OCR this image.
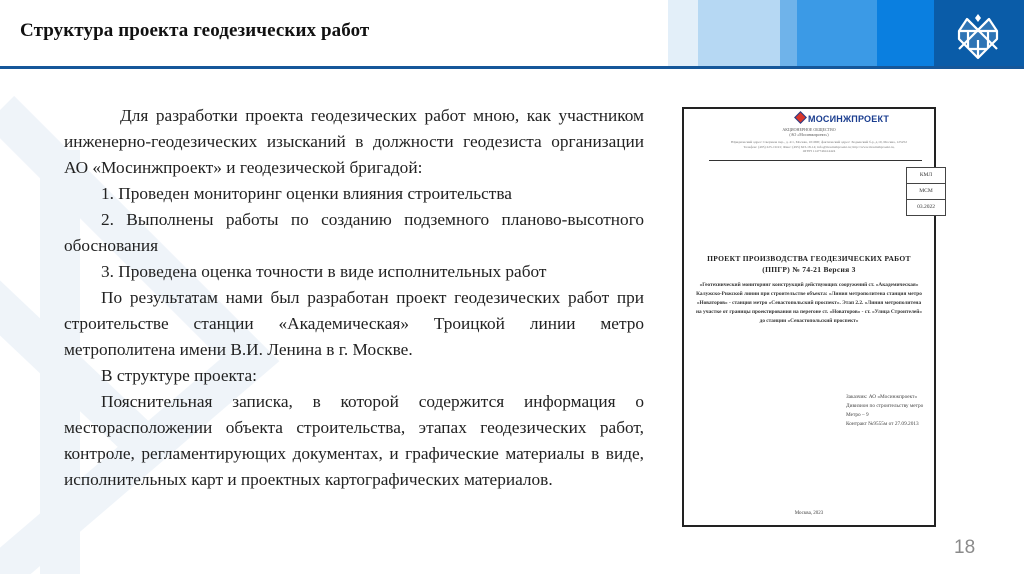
Структура проекта геодезических работ

Для разработки проекта геодезических работ мною, как участником инженерно-геодезических изысканий в должности геодезиста организации АО «Мосинжпроект» и геодезической бригадой:

1. Проведен мониторинг оценки влияния строительства

2. Выполнены работы по созданию подземного планово-высотного обоснования

3. Проведена оценка точности в виде исполнительных работ

По результатам нами был разработан проект геодезических работ при строительстве станции «Академическая» Троицкой линии метро метрополитена имени В.И. Ленина в г. Москве.

В структуре проекта:

Пояснительная записка, в которой содержится информация о месторасположении объекта строительства, этапах геодезических работ, контроле, регламентирующих документах, и графические материалы в виде, исполнительных карт и проектных картографических материалов.

МОСИНЖПРОЕКТ
АКЦИОНЕРНОЕ ОБЩЕСТВО
(АО «Мосинжпроект»)
Юридический адрес: Сверчков пер., д. 4/1, Москва, 101000; фактический адрес: Ходынский б-р, д.10, Москва, 125252
Телефон: (495) 225-19-91; Факс: (495) 623-18-14; info@mosinzhproekt.ru; http://www.mosinzhproekt.ru,
ОГРН 1147746414424
КМЛ
МСМ
03.2022
ПРОЕКТ ПРОИЗВОДСТВА ГЕОДЕЗИЧЕСКИХ РАБОТ
(ППГР) № 74-21 Версия 3
«Геотехнический мониторинг конструкций действующих сооружений ст. «Академическая» Калужско-Рижской линии при строительстве объекта: «Линия метрополитена станция метро «Новаторов» - станция метро «Севастопольский проспект». Этап 2.2. «Линия метрополитена на участке от границы проектирования на перегоне ст. «Новаторов» - ст. «Улица Строителей» до станции «Севастопольский проспект»
Заказчик: АО «Мосинжпроект»
Дивизион по строительству метро
Метро – 9
Контракт №9555м от 27.09.2013
Москва, 2023
18
